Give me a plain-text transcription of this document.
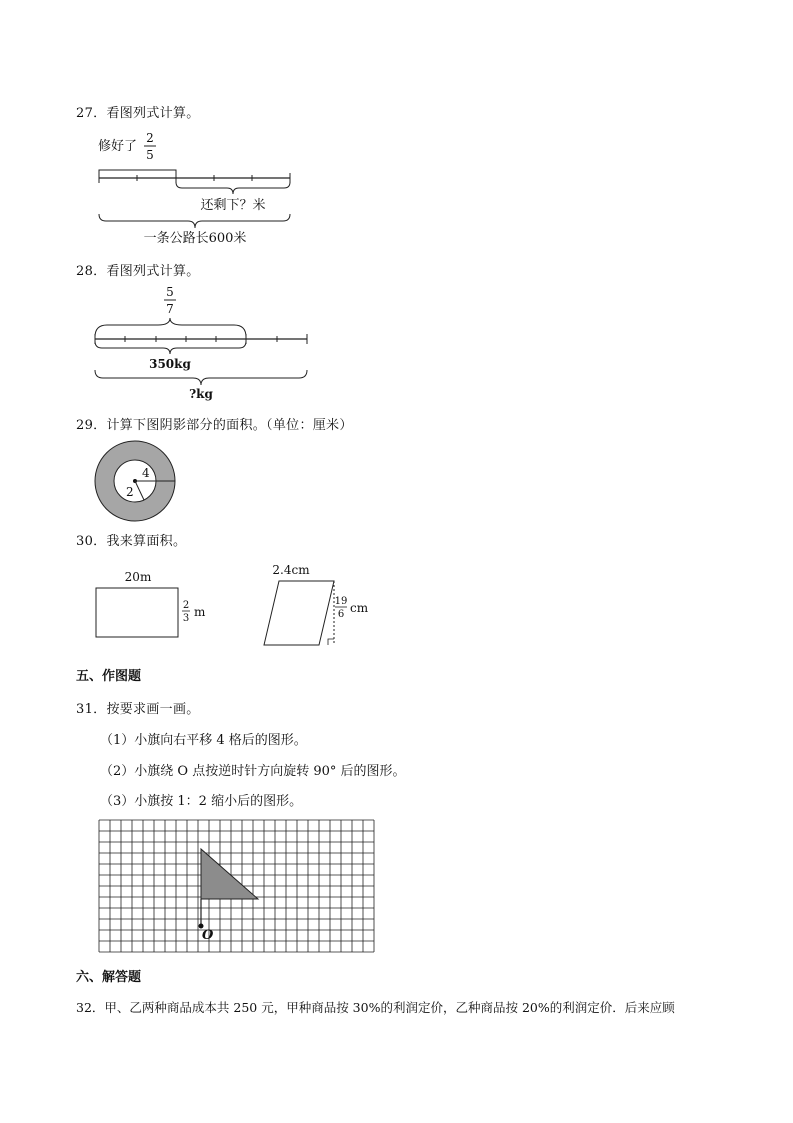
27．看图列式计算。
修好了
2
5
还剩下？米
一条公路长600米
28．看图列式计算。
5
7
350kg
?kg
29．计算下图阴影部分的面积。（单位：厘米）
4
2
30．我来算面积。
20m
2
3 m
2.4cm
19
6 cm
五、作图题
31．按要求画一画。
（1）小旗向右平移 4 格后的图形。
（2）小旗绕 O 点按逆时针方向旋转 90° 后的图形。
（3）小旗按 1：2 缩小后的图形。
O
六、解答题
32．甲、乙两种商品成本共 250 元，甲种商品按 30%的利润定价，乙种商品按 20%的利润定价．后来应顾
